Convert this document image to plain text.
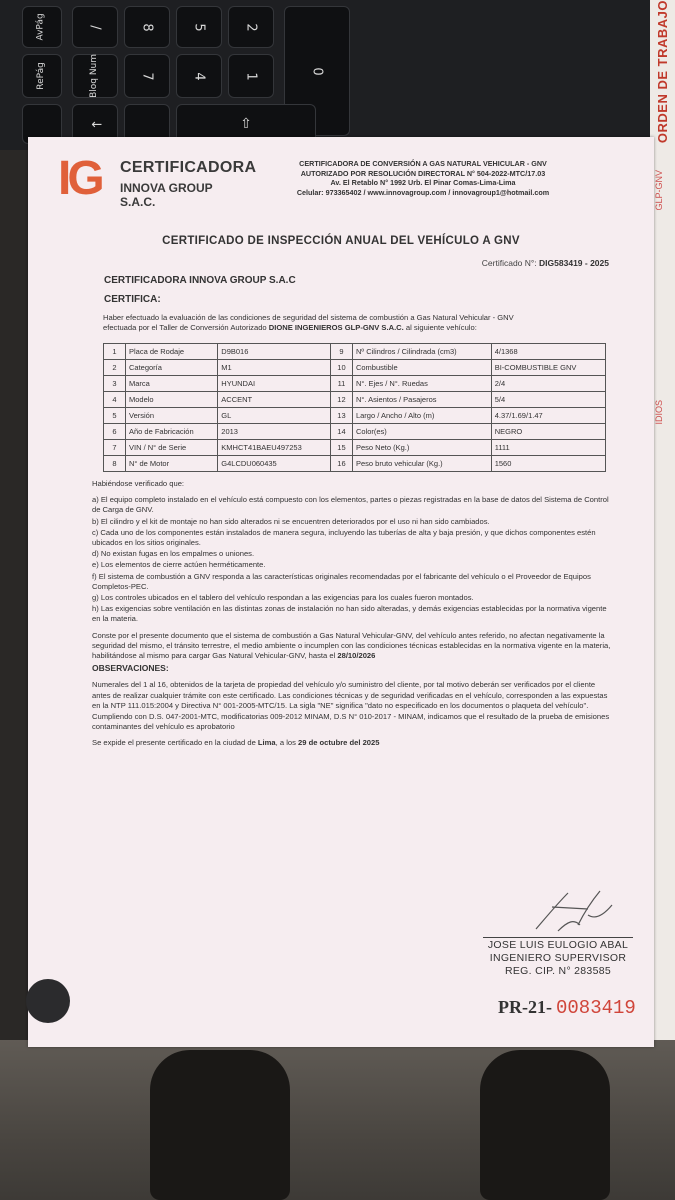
AvPág	/	8	5	2
RePág	Bloq Num	7	4	1
0
↓	⇧	ORDEN DE TRABAJO
GLP-GNV
IDIOS
IG CERTIFICADORA
INNOVA GROUP S.A.C.
CERTIFICADORA DE CONVERSIÓN A GAS NATURAL VEHICULAR - GNV
AUTORIZADO POR RESOLUCIÓN DIRECTORAL N° 504-2022-MTC/17.03
Av. El Retablo N° 1992 Urb. El Pinar Comas-Lima-Lima
Celular: 973365402 / www.innovagroup.com / innovagroup1@hotmail.com
CERTIFICADO DE INSPECCIÓN ANUAL DEL VEHÍCULO A GNV
Certificado N°: DIG583419 - 2025
CERTIFICADORA INNOVA GROUP S.A.C
CERTIFICA:
Haber efectuado la evaluación de las condiciones de seguridad del sistema de combustión a Gas Natural Vehicular - GNV
efectuada por el Taller de Conversión Autorizado DIONE INGENIEROS GLP-GNV S.A.C. al siguiente vehículo:
1	Placa de Rodaje	D9B016	9	Nº Cilindros / Cilindrada (cm3)	4/1368
2	Categoría	M1	10	Combustible	BI-COMBUSTIBLE GNV
3	Marca	HYUNDAI	11	N°. Ejes / N°. Ruedas	2/4
4	Modelo	ACCENT	12	N°. Asientos / Pasajeros	5/4
5	Versión	GL	13	Largo / Ancho / Alto (m)	4.37/1.69/1.47
6	Año de Fabricación	2013	14	Color(es)	NEGRO
7	VIN / N° de Serie	KMHCT41BAEU497253	15	Peso Neto (Kg.)	1111
8	N° de Motor	G4LCDU060435	16	Peso bruto vehicular (Kg.)	1560

Habiéndose verificado que:

a) El equipo completo instalado en el vehículo está compuesto con los elementos, partes o piezas registradas en la base de datos del Sistema de Control de Carga de GNV.

b) El cilindro y el kit de montaje no han sido alterados ni se encuentren deteriorados por el uso ni han sido cambiados.

c) Cada uno de los componentes están instalados de manera segura, incluyendo las tuberías de alta y baja presión, y que dichos componentes estén ubicados en los sitios originales.

d) No existan fugas en los empalmes o uniones.

e) Los elementos de cierre actúen herméticamente.

f) El sistema de combustión a GNV responda a las características originales recomendadas por el fabricante del vehículo o el Proveedor de Equipos Completos-PEC.

g) Los controles ubicados en el tablero del vehículo respondan a las exigencias para los cuales fueron montados.

h) Las exigencias sobre ventilación en las distintas zonas de instalación no han sido alteradas, y demás exigencias establecidas por la normativa vigente en la materia.

Conste por el presente documento que el sistema de combustión a Gas Natural Vehicular-GNV, del vehículo antes referido, no afectan negativamente la seguridad del mismo, el tránsito terrestre, el medio ambiente o incumplen con las condiciones técnicas establecidas en la normativa vigente en la materia, habilitándose al mismo para cargar Gas Natural Vehicular-GNV, hasta el 28/10/2026

OBSERVACIONES:

Numerales del 1 al 16, obtenidos de la tarjeta de propiedad del vehículo y/o suministro del cliente, por tal motivo deberán ser verificados por el cliente antes de realizar cualquier trámite con este certificado. Las condiciones técnicas y de seguridad verificadas en el vehículo, corresponden a las expuestas en la NTP 111.015:2004 y Directiva N° 001-2005-MTC/15. La sigla "NE" significa "dato no especificado en los documentos o plaqueta del vehículo".

Cumpliendo con D.S. 047-2001-MTC, modificatorias 009-2012 MINAM, D.S N° 010-2017 - MINAM, indicamos que el resultado de la prueba de emisiones contaminantes del vehículo es aprobatorio

Se expide el presente certificado en la ciudad de Lima, a los 29 de octubre del 2025

JOSE LUIS EULOGIO ABAL
INGENIERO SUPERVISOR
REG. CIP. N° 283585
PR-21- 0083419
